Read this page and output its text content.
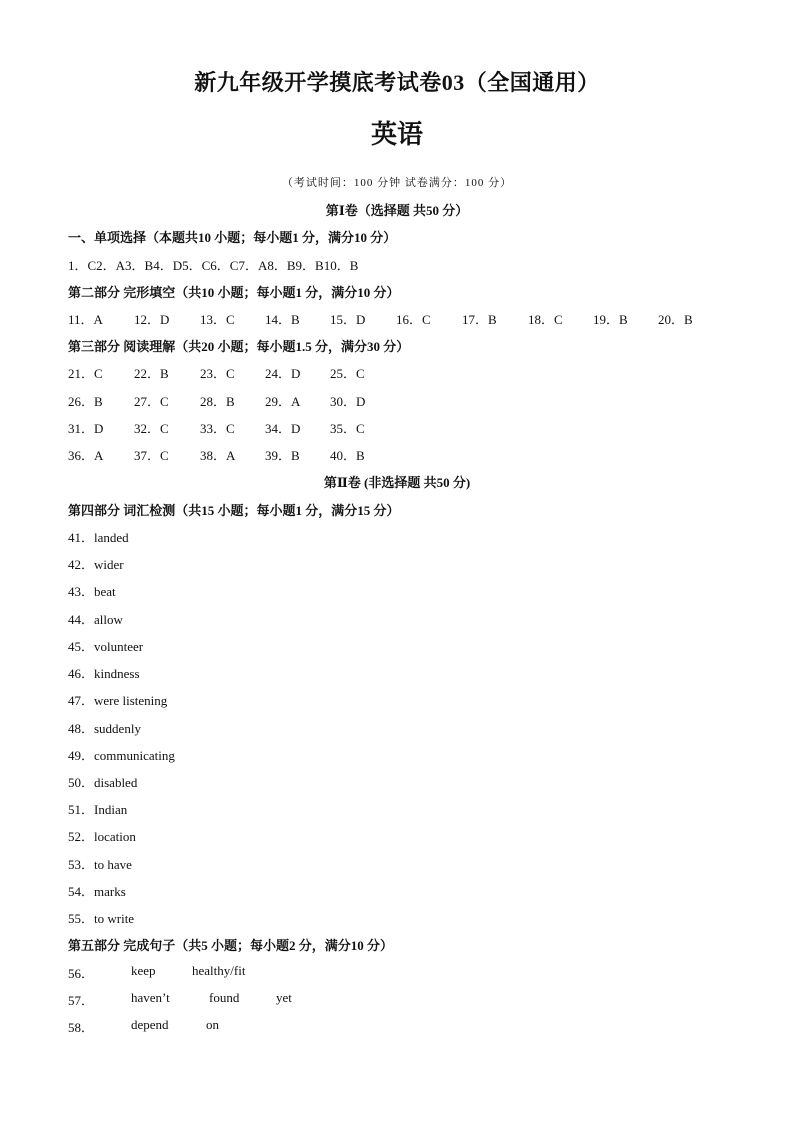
新九年级开学摸底考试卷03（全国通用）
英语
（考试时间：100 分钟 试卷满分：100 分）
第Ⅰ卷（选择题 共50 分）
一、单项选择（本题共10 小题；每小题1 分，满分10 分）
1．C2．A3．B4．D5．C6．C7．A8．B9．B10．B
第二部分 完形填空（共10 小题；每小题1 分，满分10 分）
11．A 12．D 13．C 14．B 15．D 16．C 17．B 18．C 19．B 20．B
第三部分 阅读理解（共20 小题；每小题1.5 分，满分30 分）
21．C 22．B 23．C 24．D 25．C
26．B 27．C 28．B 29．A 30．D
31．D 32．C 33．C 34．D 35．C
36．A 37．C 38．A 39．B 40．B
第Ⅱ卷 (非选择题 共50 分)
第四部分 词汇检测（共15 小题；每小题1 分，满分15 分）
41．landed
42．wider
43．beat
44．allow
45．volunteer
46．kindness
47．were listening
48．suddenly
49．communicating
50．disabled
51．Indian
52．location
53．to have
54．marks
55．to write
第五部分 完成句子（共5 小题；每小题2 分，满分10 分）
56．	keep	healthy/fit
57．	haven’t	found	yet
58．	depend	on
